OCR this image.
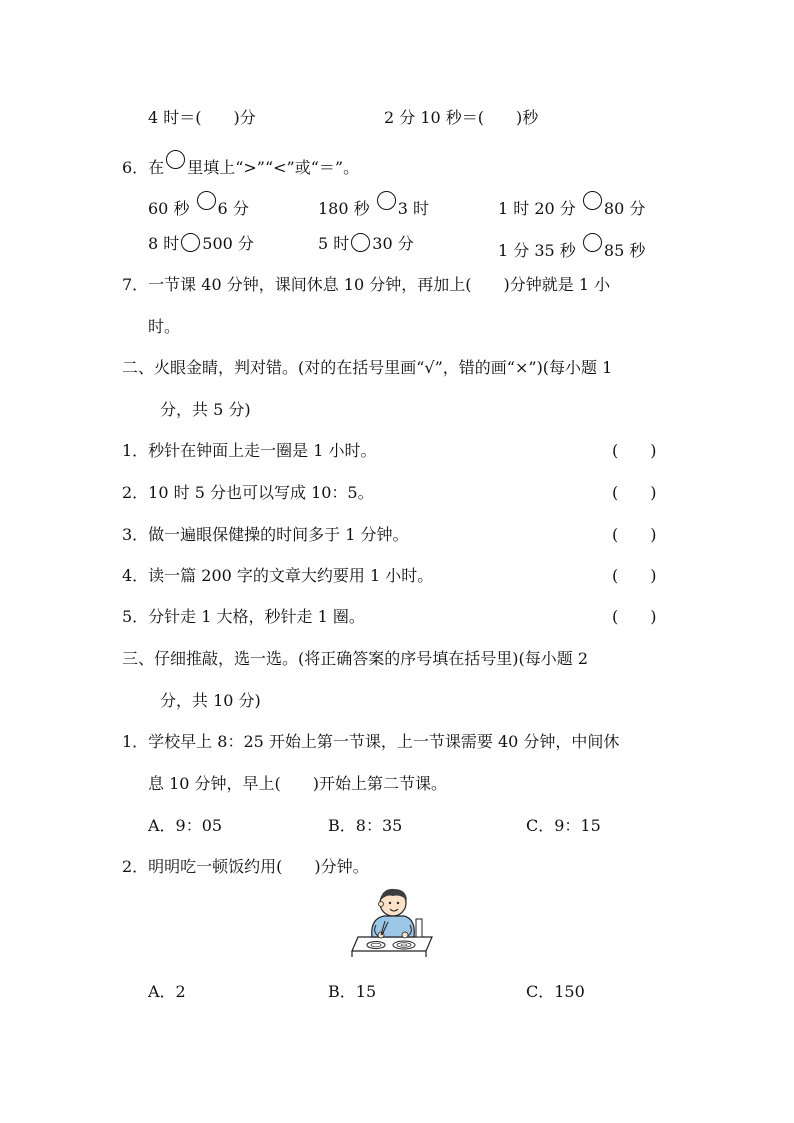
4 时＝(　　)分	2 分 10 秒＝(　　)秒
6．在 里填上“>”“<”或“＝”。
60 秒 6 分	180 秒 3 时	1 时 20 分 80 分
8 时 500 分	5 时 30 分	1 分 35 秒 85 秒
7．一节课 40 分钟，课间休息 10 分钟，再加上(　　)分钟就是 1 小
时。
二、火眼金睛，判对错。(对的在括号里画“√”，错的画“×”)(每小题 1
分，共 5 分)
1．秒针在钟面上走一圈是 1 小时。	(　　)
2．10 时 5 分也可以写成 10：5。	(　　)
3．做一遍眼保健操的时间多于 1 分钟。	(　　)
4．读一篇 200 字的文章大约要用 1 小时。	(　　)
5．分针走 1 大格，秒针走 1 圈。	(　　)
三、仔细推敲，选一选。(将正确答案的序号填在括号里)(每小题 2
分，共 10 分)
1．学校早上 8：25 开始上第一节课，上一节课需要 40 分钟，中间休
息 10 分钟，早上(　　)开始上第二节课。
A．9：05	B．8：35	C．9：15
2．明明吃一顿饭约用(　　)分钟。
A．2	B．15	C．150
